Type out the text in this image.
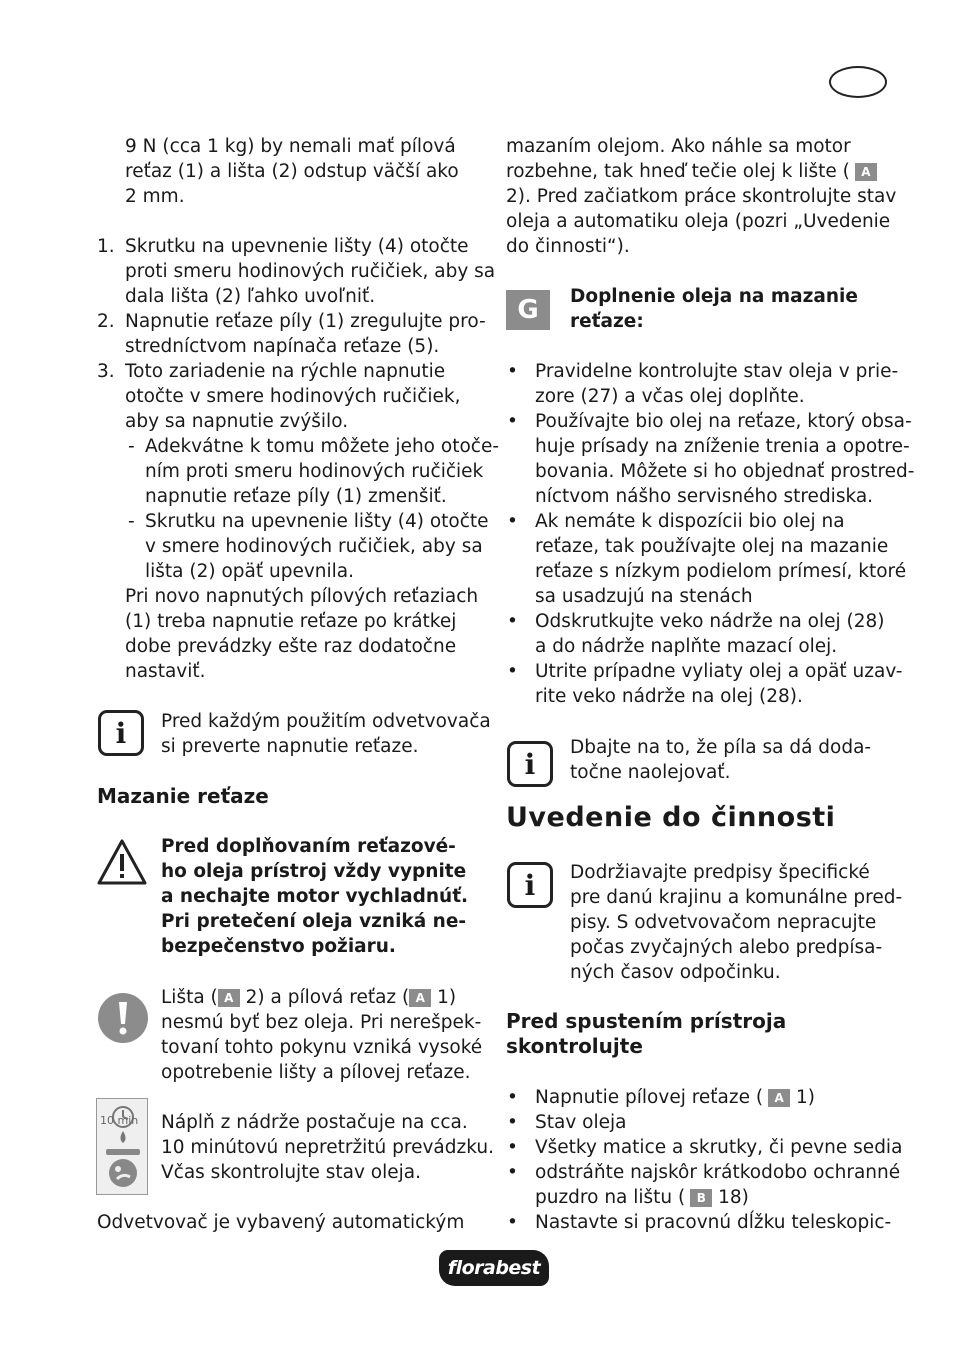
9 N (cca 1 kg) by nemali mať pílová
reťaz (1) a lišta (2) odstup väčší ako
2 mm.
1. Skrutku na upevnenie lišty (4) otočte
proti smeru hodinových ručičiek, aby sa
dala lišta (2) ľahko uvoľniť.
2. Napnutie reťaze píly (1) zregulujte pro-
stredníctvom napínača reťaze (5).
3. Toto zariadenie na rýchle napnutie
otočte v smere hodinových ručičiek,
aby sa napnutie zvýšilo.
- Adekvátne k tomu môžete jeho otoče-
ním proti smeru hodinových ručičiek
napnutie reťaze píly (1) zmenšiť.
- Skrutku na upevnenie lišty (4) otočte
v smere hodinových ručičiek, aby sa
lišta (2) opäť upevnila.
Pri novo napnutých pílových reťaziach
(1) treba napnutie reťaze po krátkej
dobe prevádzky ešte raz dodatočne
nastaviť.
i	Pred každým použitím odvetvovača
si preverte napnutie reťaze.
Mazanie reťaze
Pred doplňovaním reťazové-
ho oleja prístroj vždy vypnite
a nechajte motor vychladnúť.
Pri pretečení oleja vzniká ne-
bezpečenstvo požiaru.
Lišta ( A 2) a pílová reťaz ( A 1)
nesmú byť bez oleja. Pri nerešpek-
tovaní tohto pokynu vzniká vysoké
opotrebenie lišty a pílovej reťaze.
10 min Náplň z nádrže postačuje na cca.
10 minútovú nepretržitú prevádzku.
Včas skontrolujte stav oleja.
Odvetvovač je vybavený automatickým
mazaním olejom. Ako náhle sa motor
rozbehne, tak hneď tečie olej k lište ( A
2). Pred začiatkom práce skontrolujte stav
oleja a automatiku oleja (pozri „Uvedenie
do činnosti“).
G	Doplnenie oleja na mazanie
reťaze:
• Pravidelne kontrolujte stav oleja v prie-
zore (27) a včas olej doplňte.
• Používajte bio olej na reťaze, ktorý obsa-
huje prísady na zníženie trenia a opotre-
bovania. Môžete si ho objednať prostred-
níctvom nášho servisného strediska.
• Ak nemáte k dispozícii bio olej na
reťaze, tak používajte olej na mazanie
reťaze s nízkym podielom prímesí, ktoré
sa usadzujú na stenách
• Odskrutkujte veko nádrže na olej (28)
a do nádrže naplňte mazací olej.
• Utrite prípadne vyliaty olej a opäť uzav-
rite veko nádrže na olej (28).
i	Dbajte na to, že píla sa dá doda-
točne naolejovať.
Uvedenie do činnosti
i	Dodržiavajte predpisy špecifické
pre danú krajinu a komunálne pred-
pisy. S odvetvovačom nepracujte
počas zvyčajných alebo predpísa-
ných časov odpočinku.
Pred spustením prístroja
skontrolujte
• Napnutie pílovej reťaze ( A 1)
• Stav oleja
• Všetky matice a skrutky, či pevne sedia
• odstráňte najskôr krátkodobo ochranné
puzdro na lištu ( B 18)
• Nastavte si pracovnú dĺžku teleskopic-
florabest
